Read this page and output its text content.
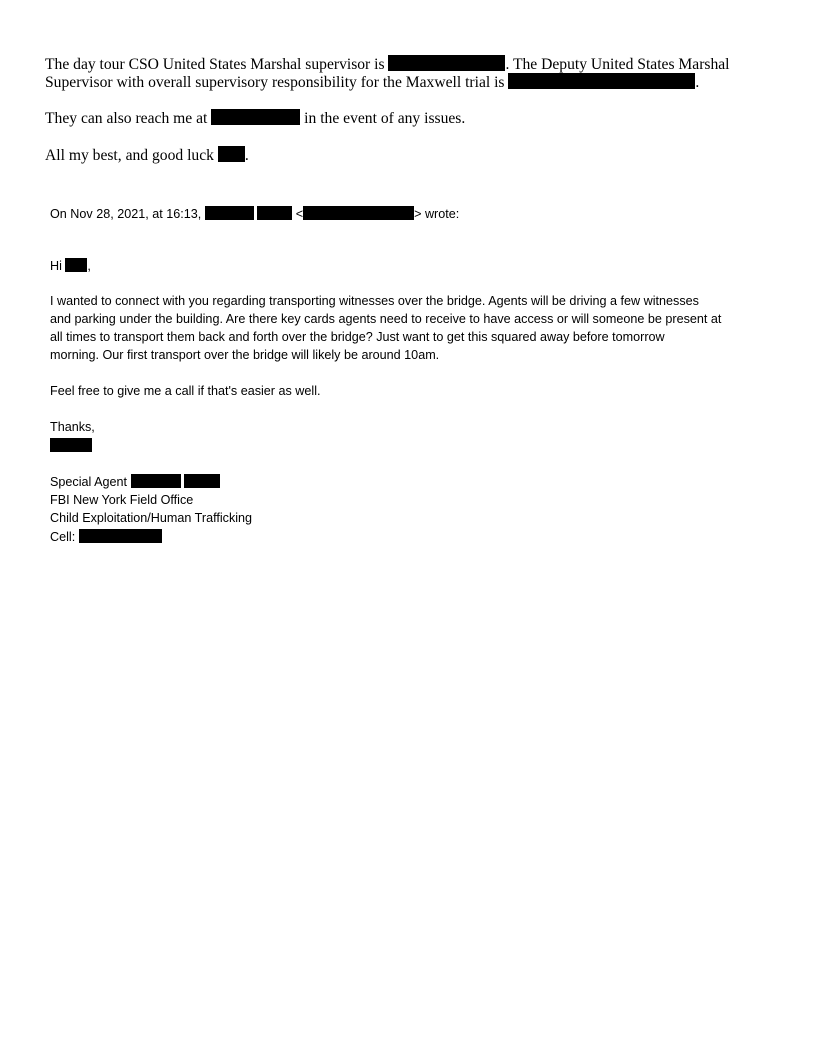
The day tour CSO United States Marshal supervisor is	. The Deputy United States Marshal
Supervisor with overall supervisory responsibility for the Maxwell trial is	.
They can also reach me at	in the event of any issues.
All my best, and good luck .
On Nov 28, 2021, at 16:13,	<	> wrote:
Hi ,
I wanted to connect with you regarding transporting witnesses over the bridge. Agents will be driving a few witnesses
and parking under the building. Are there key cards agents need to receive to have access or will someone be present at
all times to transport them back and forth over the bridge? Just want to get this squared away before tomorrow
morning. Our first transport over the bridge will likely be around 10am.
Feel free to give me a call if that's easier as well.
Thanks,
Special Agent
FBI New York Field Office
Child Exploitation/Human Trafficking
Cell:
